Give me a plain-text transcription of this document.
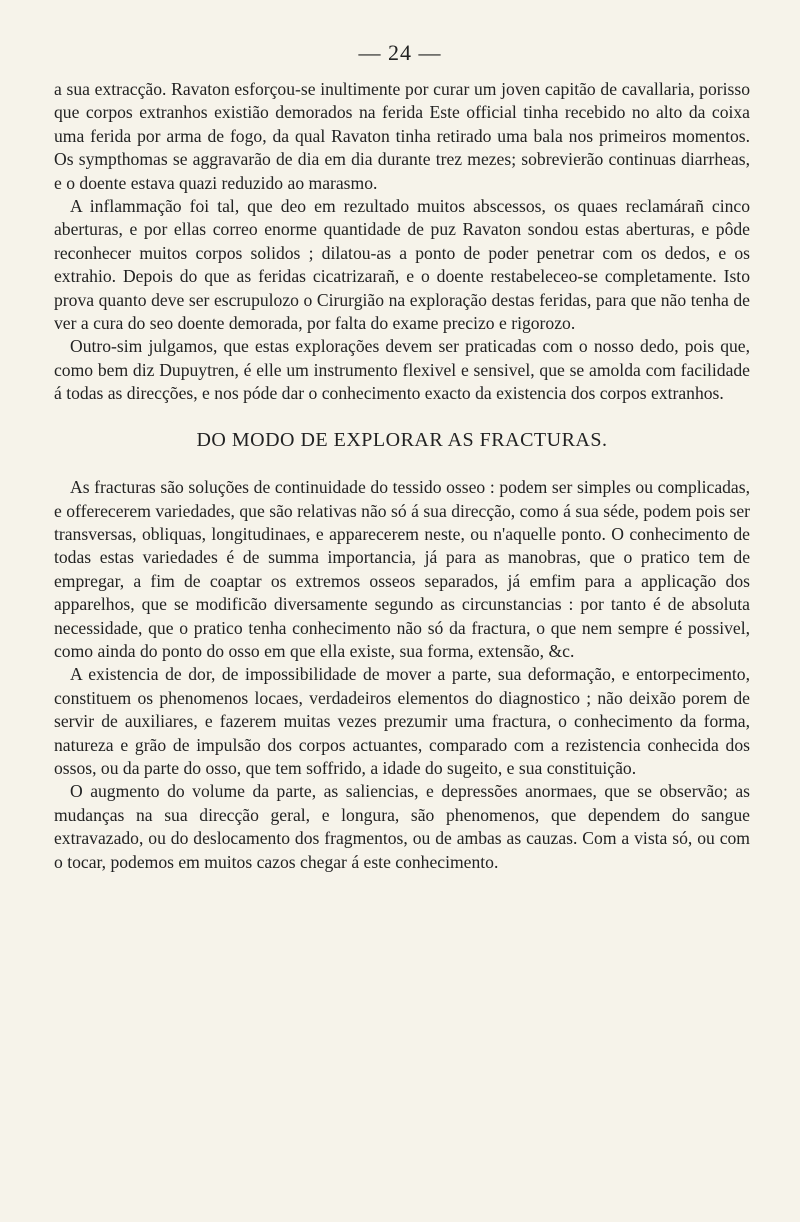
— 24 —

a sua extracção. Ravaton esforçou-se inultimente por curar um joven capitão de cavallaria, porisso que corpos extranhos existião demorados na ferida Este official tinha recebido no alto da coixa uma ferida por arma de fogo, da qual Ravaton tinha retirado uma bala nos primeiros momentos. Os sympthomas se aggravarão de dia em dia durante trez mezes; sobrevierão continuas diarrheas, e o doente estava quazi reduzido ao marasmo.

A inflammação foi tal, que deo em rezultado muitos abscessos, os quaes reclamárañ cinco aberturas, e por ellas correo enorme quantidade de puz Ravaton sondou estas aberturas, e pôde reconhecer muitos corpos solidos ; dilatou-as a ponto de poder penetrar com os dedos, e os extrahio. Depois do que as feridas cicatrizarañ, e o doente restabeleceo-se completamente. Isto prova quanto deve ser escrupulozo o Cirurgião na exploração destas feridas, para que não tenha de ver a cura do seo doente demorada, por falta do exame precizo e rigorozo.

Outro-sim julgamos, que estas explorações devem ser praticadas com o nosso dedo, pois que, como bem diz Dupuytren, é elle um instrumento flexivel e sensivel, que se amolda com facilidade á todas as direcções, e nos póde dar o conhecimento exacto da existencia dos corpos extranhos.

DO MODO DE EXPLORAR AS FRACTURAS.

As fracturas são soluções de continuidade do tessido osseo : podem ser simples ou complicadas, e offerecerem variedades, que são relativas não só á sua direcção, como á sua séde, podem pois ser transversas, obliquas, longitudinaes, e apparecerem neste, ou n'aquelle ponto. O conhecimento de todas estas variedades é de summa importancia, já para as manobras, que o pratico tem de empregar, a fim de coaptar os extremos osseos separados, já emfim para a applicação dos apparelhos, que se modificão diversamente segundo as circunstancias : por tanto é de absoluta necessidade, que o pratico tenha conhecimento não só da fractura, o que nem sempre é possivel, como ainda do ponto do osso em que ella existe, sua forma, extensão, &c.

A existencia de dor, de impossibilidade de mover a parte, sua deformação, e entorpecimento, constituem os phenomenos locaes, verdadeiros elementos do diagnostico ; não deixão porem de servir de auxiliares, e fazerem muitas vezes prezumir uma fractura, o conhecimento da forma, natureza e grão de impulsão dos corpos actuantes, comparado com a rezistencia conhecida dos ossos, ou da parte do osso, que tem soffrido, a idade do sugeito, e sua constituição.

O augmento do volume da parte, as saliencias, e depressões anormaes, que se observão; as mudanças na sua direcção geral, e longura, são phenomenos, que dependem do sangue extravazado, ou do deslocamento dos fragmentos, ou de ambas as cauzas. Com a vista só, ou com o tocar, podemos em muitos cazos chegar á este conhecimento.
